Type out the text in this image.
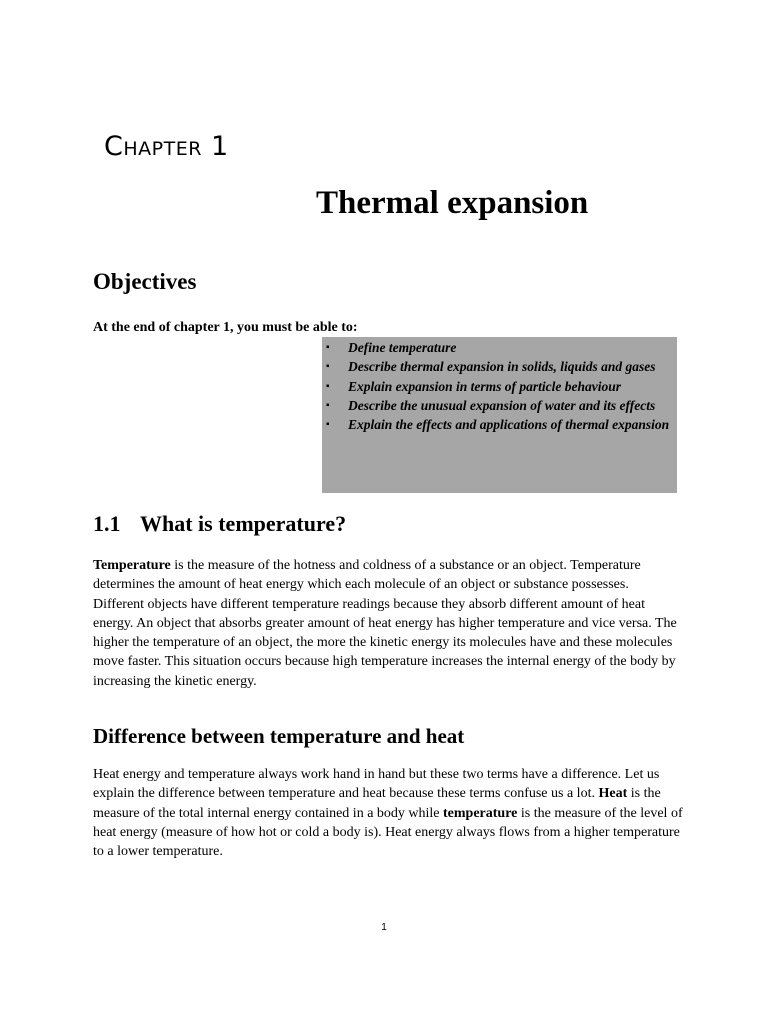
Chapter 1
Thermal expansion
Objectives
At the end of chapter 1, you must be able to:
▪ Define temperature
▪ Describe thermal expansion in solids, liquids and gases
▪ Explain expansion in terms of particle behaviour
▪ Describe the unusual expansion of water and its effects
▪ Explain the effects and applications of thermal expansion
1.1 What is temperature?

Temperature is the measure of the hotness and coldness of a substance or an object. Temperature determines the amount of heat energy which each molecule of an object or substance possesses. Different objects have different temperature readings because they absorb different amount of heat energy. An object that absorbs greater amount of heat energy has higher temperature and vice versa. The higher the temperature of an object, the more the kinetic energy its molecules have and these molecules move faster. This situation occurs because high temperature increases the internal energy of the body by increasing the kinetic energy.

Difference between temperature and heat

Heat energy and temperature always work hand in hand but these two terms have a difference. Let us explain the difference between temperature and heat because these terms confuse us a lot. Heat is the measure of the total internal energy contained in a body while temperature is the measure of the level of heat energy (measure of how hot or cold a body is). Heat energy always flows from a higher temperature to a lower temperature.

1
